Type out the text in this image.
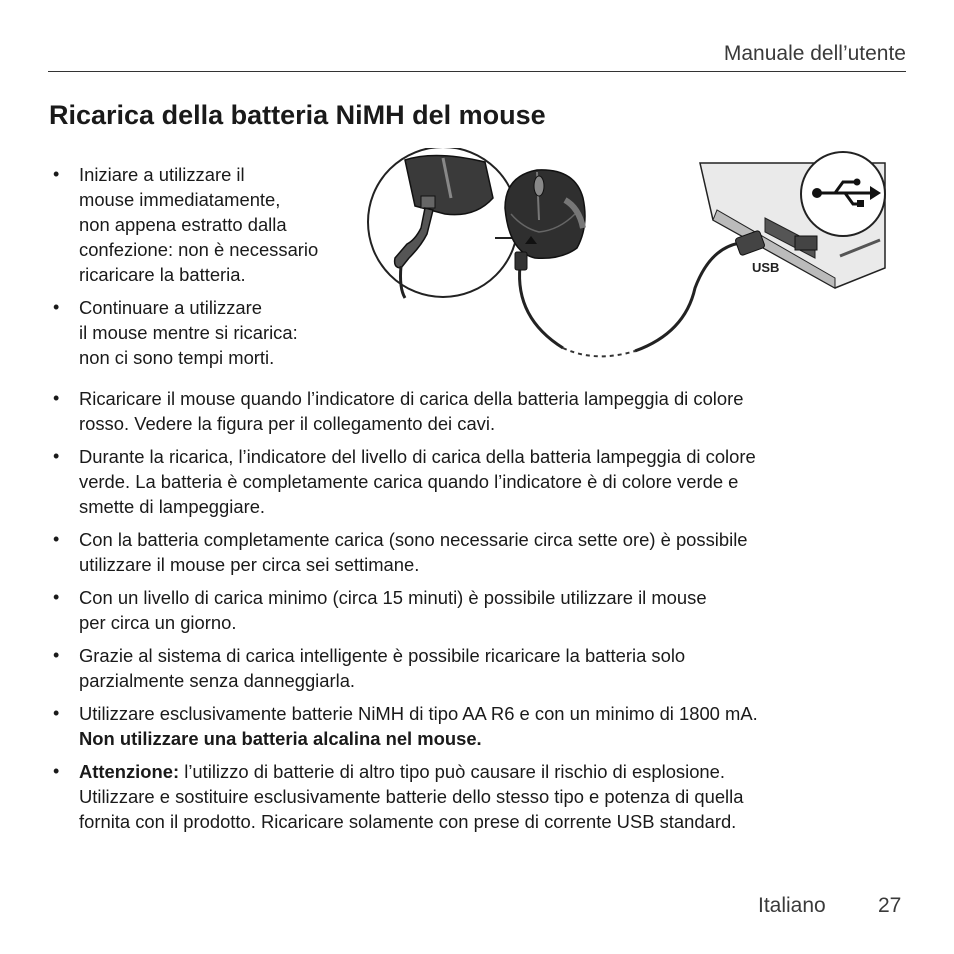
Manuale dell’utente
Ricarica della batteria NiMH del mouse
• Iniziare a utilizzare il
mouse immediatamente,
non appena estratto dalla
confezione: non è necessario
ricaricare la batteria.
• Continuare a utilizzare
il mouse mentre si ricarica:
non ci sono tempi morti.
USB
• Ricaricare il mouse quando l’indicatore di carica della batteria lampeggia di colore
rosso. Vedere la figura per il collegamento dei cavi.
• Durante la ricarica, l’indicatore del livello di carica della batteria lampeggia di colore
verde. La batteria è completamente carica quando l’indicatore è di colore verde e
smette di lampeggiare.
• Con la batteria completamente carica (sono necessarie circa sette ore) è possibile
utilizzare il mouse per circa sei settimane.
• Con un livello di carica minimo (circa 15 minuti) è possibile utilizzare il mouse
per circa un giorno.
• Grazie al sistema di carica intelligente è possibile ricaricare la batteria solo
parzialmente senza danneggiarla.
• Utilizzare esclusivamente batterie NiMH di tipo AA R6 e con un minimo di 1800 mA.
Non utilizzare una batteria alcalina nel mouse.
• Attenzione: l’utilizzo di batterie di altro tipo può causare il rischio di esplosione.
Utilizzare e sostituire esclusivamente batterie dello stesso tipo e potenza di quella
fornita con il prodotto. Ricaricare solamente con prese di corrente USB standard.
Italiano 27
